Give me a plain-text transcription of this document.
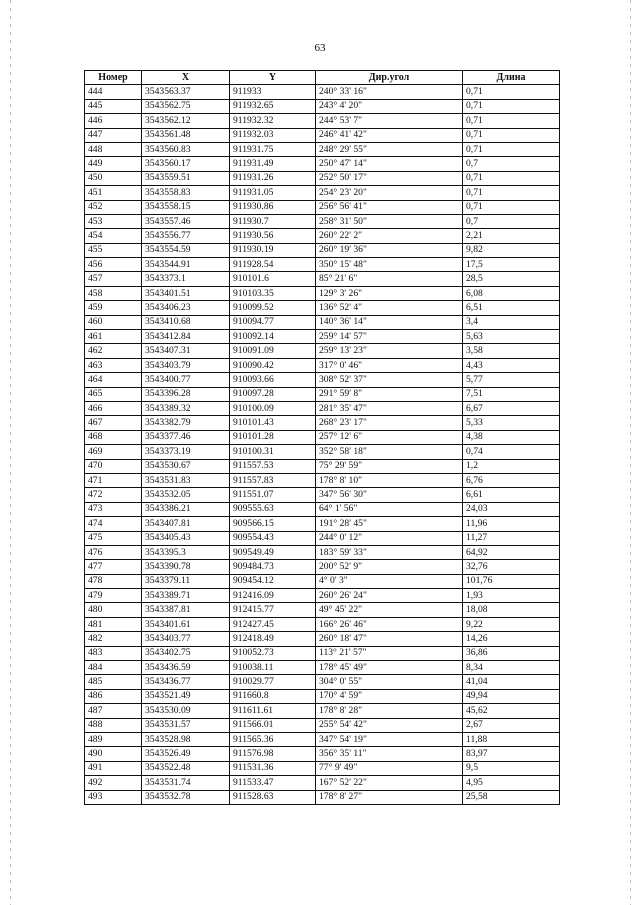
63
Номер	X	Y	Дир.угол	Длина
444	3543563.37	911933	240° 33' 16"	0,71
445	3543562.75	911932.65	243° 4' 20"	0,71
446	3543562.12	911932.32	244° 53' 7"	0,71
447	3543561.48	911932.03	246° 41' 42"	0,71
448	3543560.83	911931.75	248° 29' 55"	0,71
449	3543560.17	911931.49	250° 47' 14"	0,7
450	3543559.51	911931.26	252° 50' 17"	0,71
451	3543558.83	911931.05	254° 23' 20"	0,71
452	3543558.15	911930.86	256° 56' 41"	0,71
453	3543557.46	911930.7	258° 31' 50"	0,7
454	3543556.77	911930.56	260° 22' 2"	2,21
455	3543554.59	911930.19	260° 19' 36"	9,82
456	3543544.91	911928.54	350° 15' 48"	17,5
457	3543373.1	910101.6	85° 21' 6"	28,5
458	3543401.51	910103.35	129° 3' 26"	6,08
459	3543406.23	910099.52	136° 52' 4"	6,51
460	3543410.68	910094.77	140° 36' 14"	3,4
461	3543412.84	910092.14	259° 14' 57"	5,63
462	3543407.31	910091.09	259° 13' 23"	3,58
463	3543403.79	910090.42	317° 0' 46"	4,43
464	3543400.77	910093.66	308° 52' 37"	5,77
465	3543396.28	910097.28	291° 59' 8"	7,51
466	3543389.32	910100.09	281° 35' 47"	6,67
467	3543382.79	910101.43	268° 23' 17"	5,33
468	3543377.46	910101.28	257° 12' 6"	4,38
469	3543373.19	910100.31	352° 58' 18"	0,74
470	3543530.67	911557.53	75° 29' 59"	1,2
471	3543531.83	911557.83	178° 8' 10"	6,76
472	3543532.05	911551.07	347° 56' 30"	6,61
473	3543386.21	909555.63	64° 1' 56"	24,03
474	3543407.81	909566.15	191° 28' 45"	11,96
475	3543405.43	909554.43	244° 0' 12"	11,27
476	3543395.3	909549.49	183° 59' 33"	64,92
477	3543390.78	909484.73	200° 52' 9"	32,76
478	3543379.11	909454.12	4° 0' 3"	101,76
479	3543389.71	912416.09	260° 26' 24"	1,93
480	3543387.81	912415.77	49° 45' 22"	18,08
481	3543401.61	912427.45	166° 26' 46"	9,22
482	3543403.77	912418.49	260° 18' 47"	14,26
483	3543402.75	910052.73	113° 21' 57"	36,86
484	3543436.59	910038.11	178° 45' 49"	8,34
485	3543436.77	910029.77	304° 0' 55"	41,04
486	3543521.49	911660.8	170° 4' 59"	49,94
487	3543530.09	911611.61	178° 8' 28"	45,62
488	3543531.57	911566.01	255° 54' 42"	2,67
489	3543528.98	911565.36	347° 54' 19"	11,88
490	3543526.49	911576.98	356° 35' 11"	83,97
491	3543522.48	911531.36	77° 9' 49"	9,5
492	3543531.74	911533.47	167° 52' 22"	4,95
493	3543532.78	911528.63	178° 8' 27"	25,58
